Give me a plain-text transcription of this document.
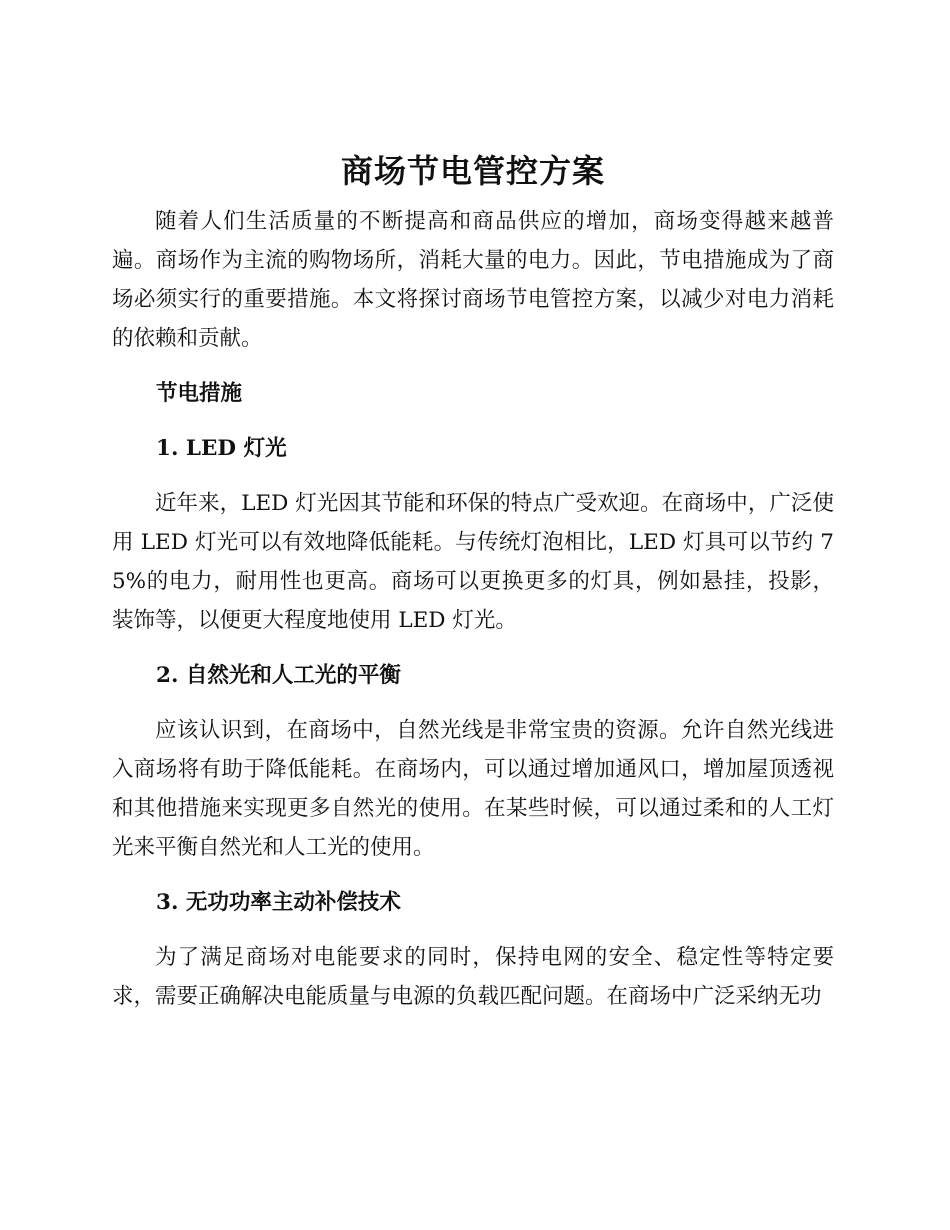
商场节电管控方案

随着人们生活质量的不断提高和商品供应的增加，商场变得越来越普遍。商场作为主流的购物场所，消耗大量的电力。因此，节电措施成为了商场必须实行的重要措施。本文将探讨商场节电管控方案，以减少对电力消耗的依赖和贡献。

节电措施

1. LED 灯光

近年来，LED 灯光因其节能和环保的特点广受欢迎。在商场中，广泛使用 LED 灯光可以有效地降低能耗。与传统灯泡相比，LED 灯具可以节约 75%的电力，耐用性也更高。商场可以更换更多的灯具，例如悬挂，投影，装饰等，以便更大程度地使用 LED 灯光。

2. 自然光和人工光的平衡

应该认识到，在商场中，自然光线是非常宝贵的资源。允许自然光线进入商场将有助于降低能耗。在商场内，可以通过增加通风口，增加屋顶透视和其他措施来实现更多自然光的使用。在某些时候，可以通过柔和的人工灯光来平衡自然光和人工光的使用。

3. 无功功率主动补偿技术

为了满足商场对电能要求的同时，保持电网的安全、稳定性等特定要求，需要正确解决电能质量与电源的负载匹配问题。在商场中广泛采纳无功
